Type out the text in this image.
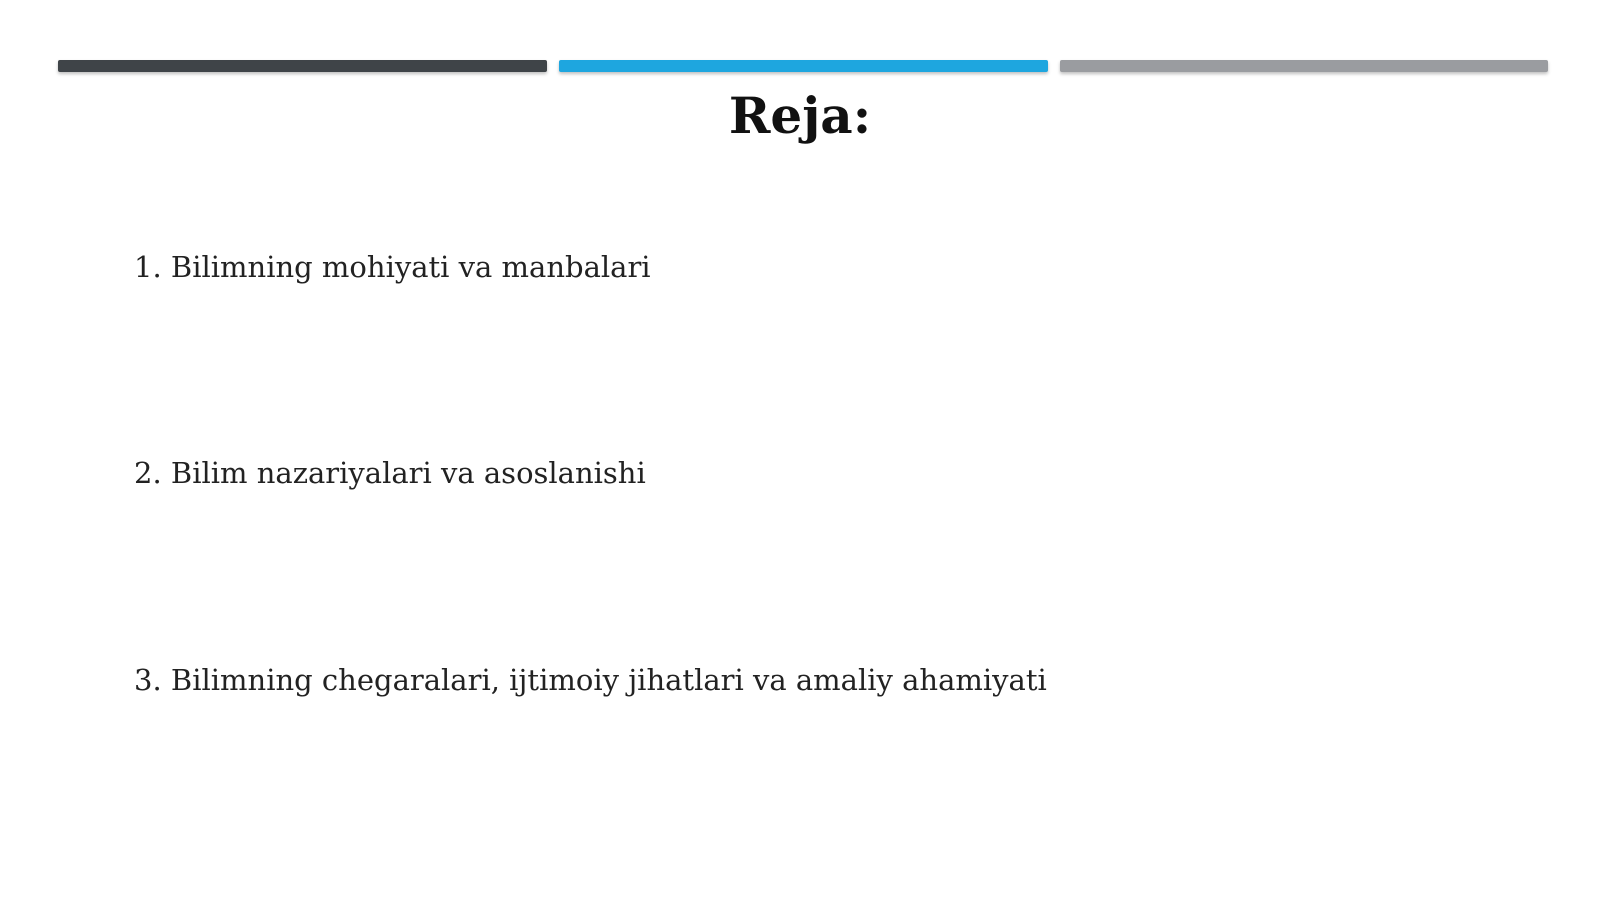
Reja:
1. Bilimning mohiyati va manbalari
2. Bilim nazariyalari va asoslanishi
3. Bilimning chegaralari, ijtimoiy jihatlari va amaliy ahamiyati
